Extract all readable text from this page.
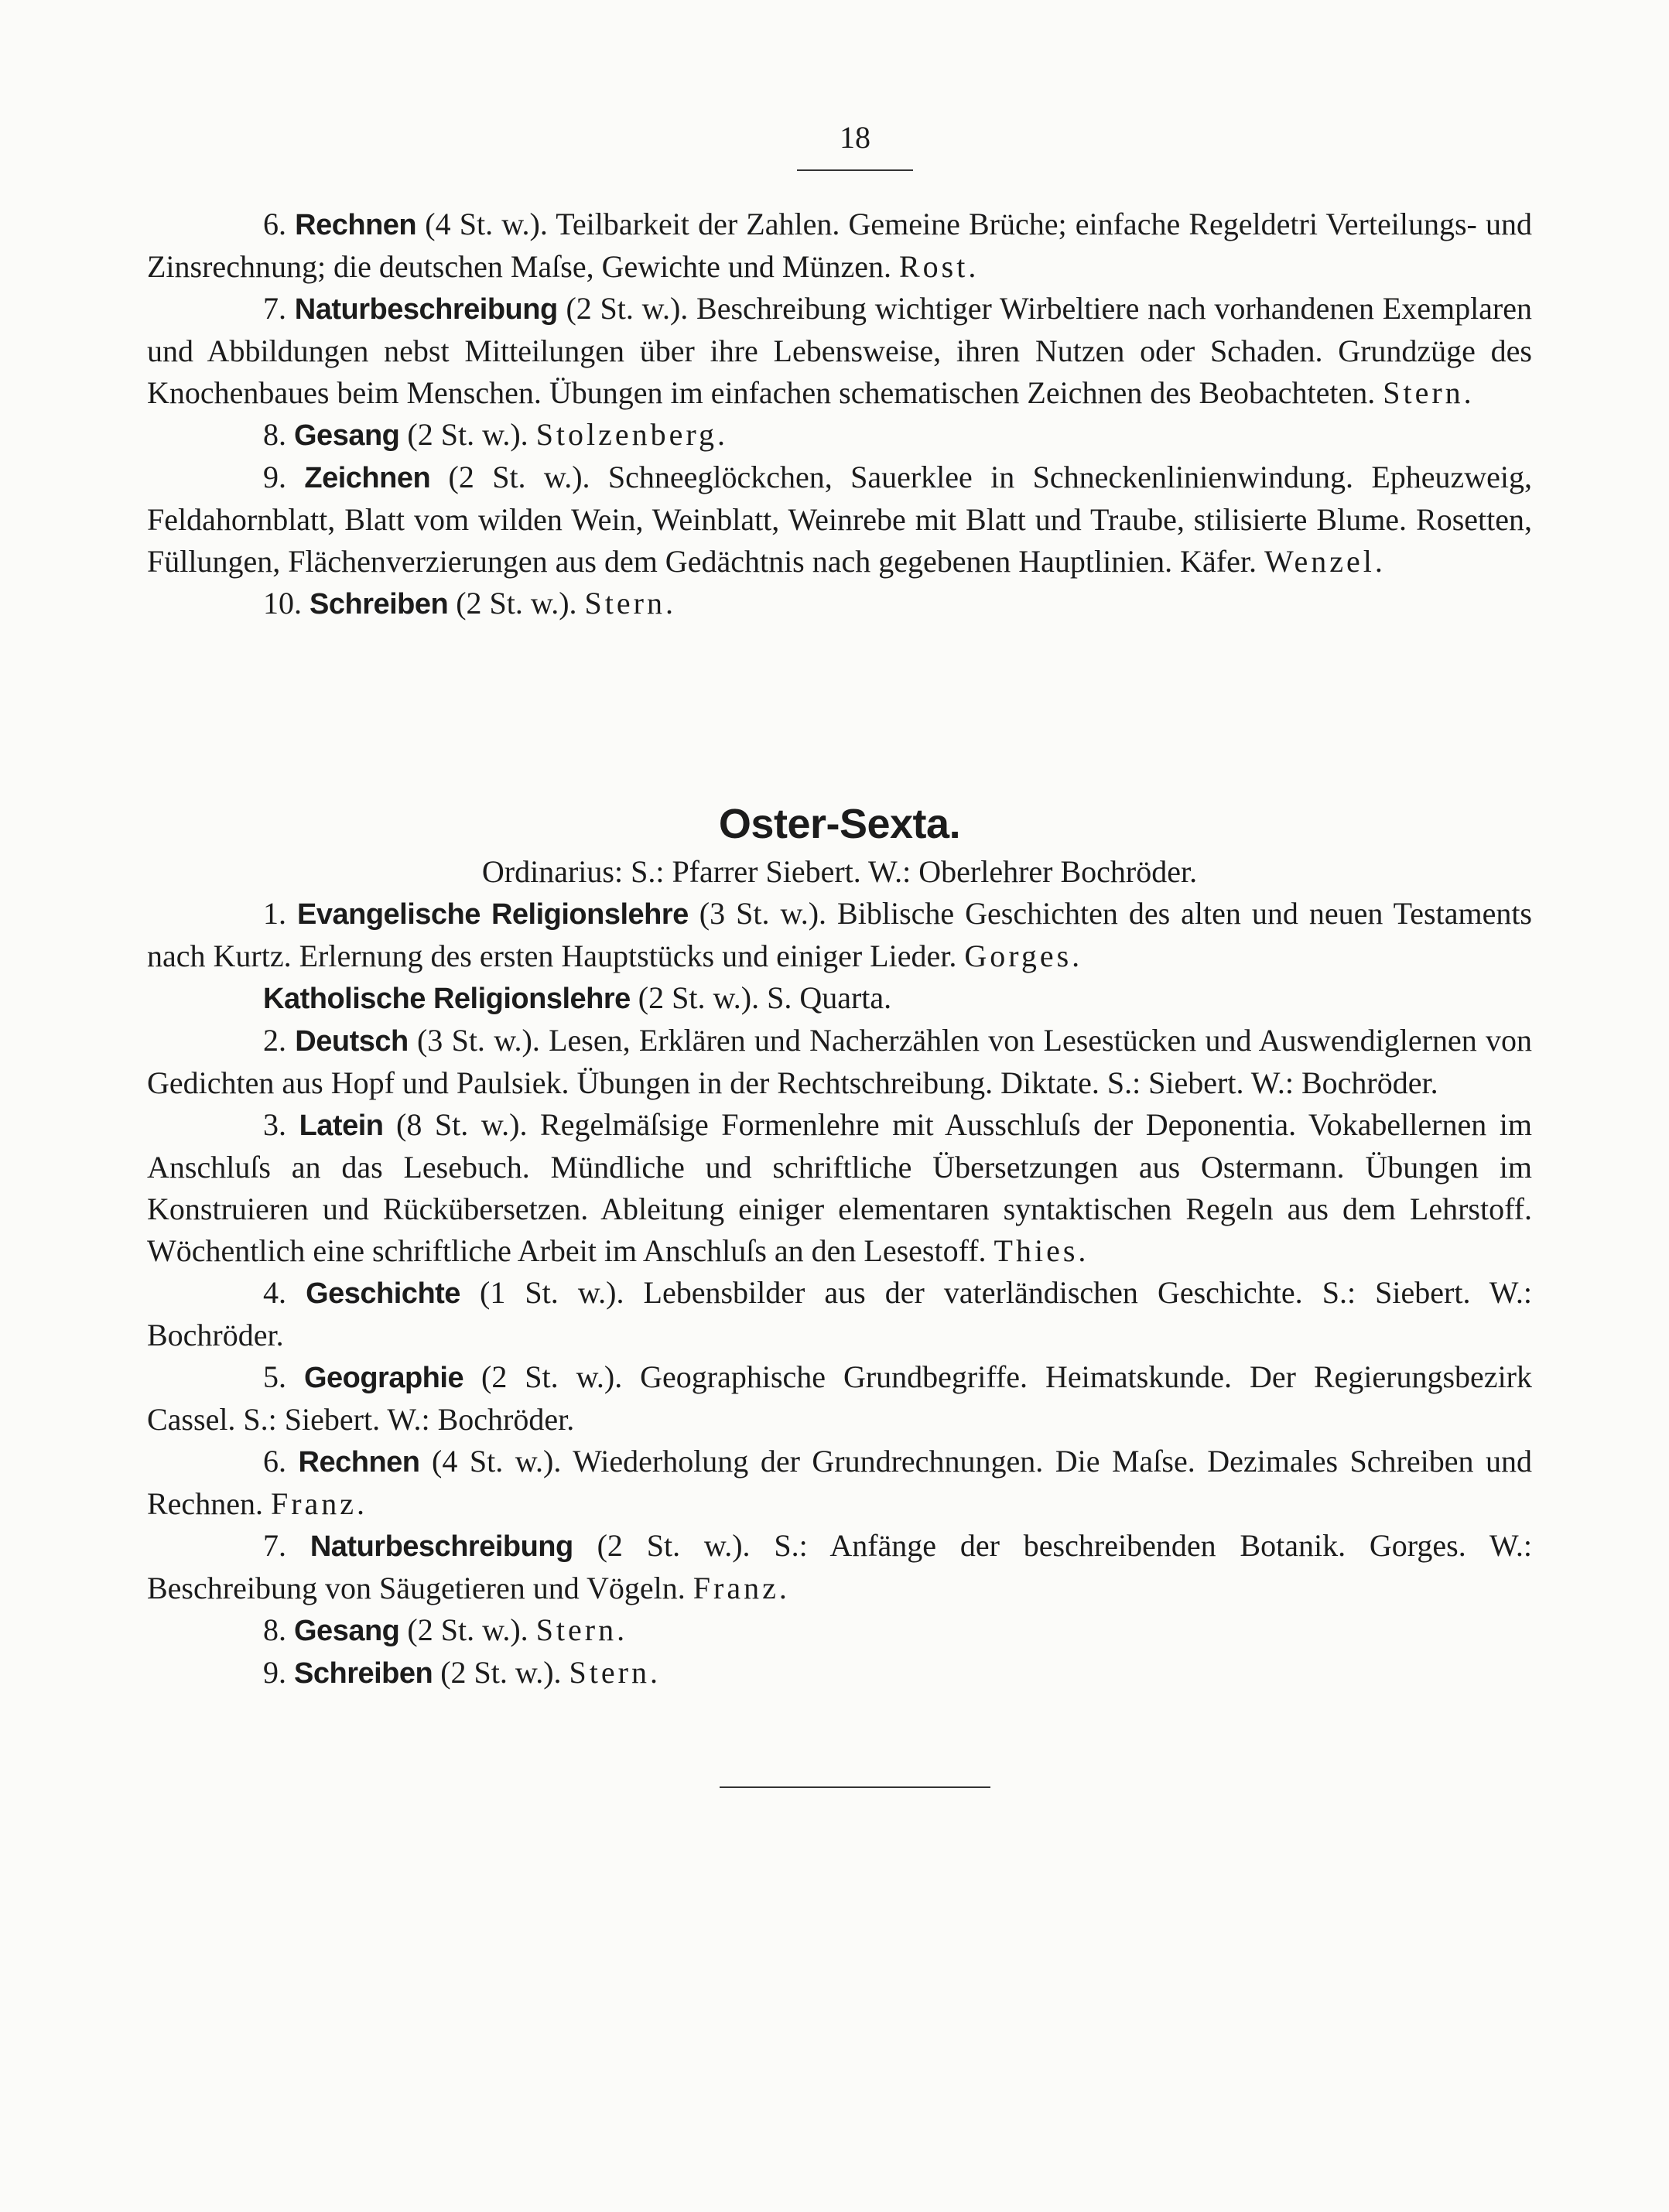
18

6. Rechnen (4 St. w.). Teilbarkeit der Zahlen. Gemeine Brüche; einfache Regeldetri Verteilungs- und Zinsrechnung; die deutschen Maſse, Gewichte und Münzen. Rost.

7. Naturbeschreibung (2 St. w.). Beschreibung wichtiger Wirbeltiere nach vorhandenen Exemplaren und Abbildungen nebst Mitteilungen über ihre Lebensweise, ihren Nutzen oder Schaden. Grundzüge des Knochenbaues beim Menschen. Übungen im einfachen schematischen Zeichnen des Beobachteten. Stern.

8. Gesang (2 St. w.). Stolzenberg.

9. Zeichnen (2 St. w.). Schneeglöckchen, Sauerklee in Schneckenlinienwindung. Epheuzweig, Feldahornblatt, Blatt vom wilden Wein, Weinblatt, Weinrebe mit Blatt und Traube, stilisierte Blume. Rosetten, Füllungen, Flächenverzierungen aus dem Gedächtnis nach gegebenen Hauptlinien. Käfer. Wenzel.

10. Schreiben (2 St. w.). Stern.

Oster-Sexta.

Ordinarius: S.: Pfarrer Siebert. W.: Oberlehrer Bochröder.

1. Evangelische Religionslehre (3 St. w.). Biblische Geschichten des alten und neuen Testaments nach Kurtz. Erlernung des ersten Hauptstücks und einiger Lieder. Gorges.

Katholische Religionslehre (2 St. w.). S. Quarta.

2. Deutsch (3 St. w.). Lesen, Erklären und Nacherzählen von Lesestücken und Auswendiglernen von Gedichten aus Hopf und Paulsiek. Übungen in der Rechtschreibung. Diktate. S.: Siebert. W.: Bochröder.

3. Latein (8 St. w.). Regelmäſsige Formenlehre mit Ausschluſs der Deponentia. Vokabellernen im Anschluſs an das Lesebuch. Mündliche und schriftliche Übersetzungen aus Ostermann. Übungen im Konstruieren und Rückübersetzen. Ableitung einiger elementaren syntaktischen Regeln aus dem Lehrstoff. Wöchentlich eine schriftliche Arbeit im Anschluſs an den Lesestoff. Thies.

4. Geschichte (1 St. w.). Lebensbilder aus der vaterländischen Geschichte. S.: Siebert. W.: Bochröder.

5. Geographie (2 St. w.). Geographische Grundbegriffe. Heimatskunde. Der Regierungsbezirk Cassel. S.: Siebert. W.: Bochröder.

6. Rechnen (4 St. w.). Wiederholung der Grundrechnungen. Die Maſse. Dezimales Schreiben und Rechnen. Franz.

7. Naturbeschreibung (2 St. w.). S.: Anfänge der beschreibenden Botanik. Gorges. W.: Beschreibung von Säugetieren und Vögeln. Franz.

8. Gesang (2 St. w.). Stern.

9. Schreiben (2 St. w.). Stern.
